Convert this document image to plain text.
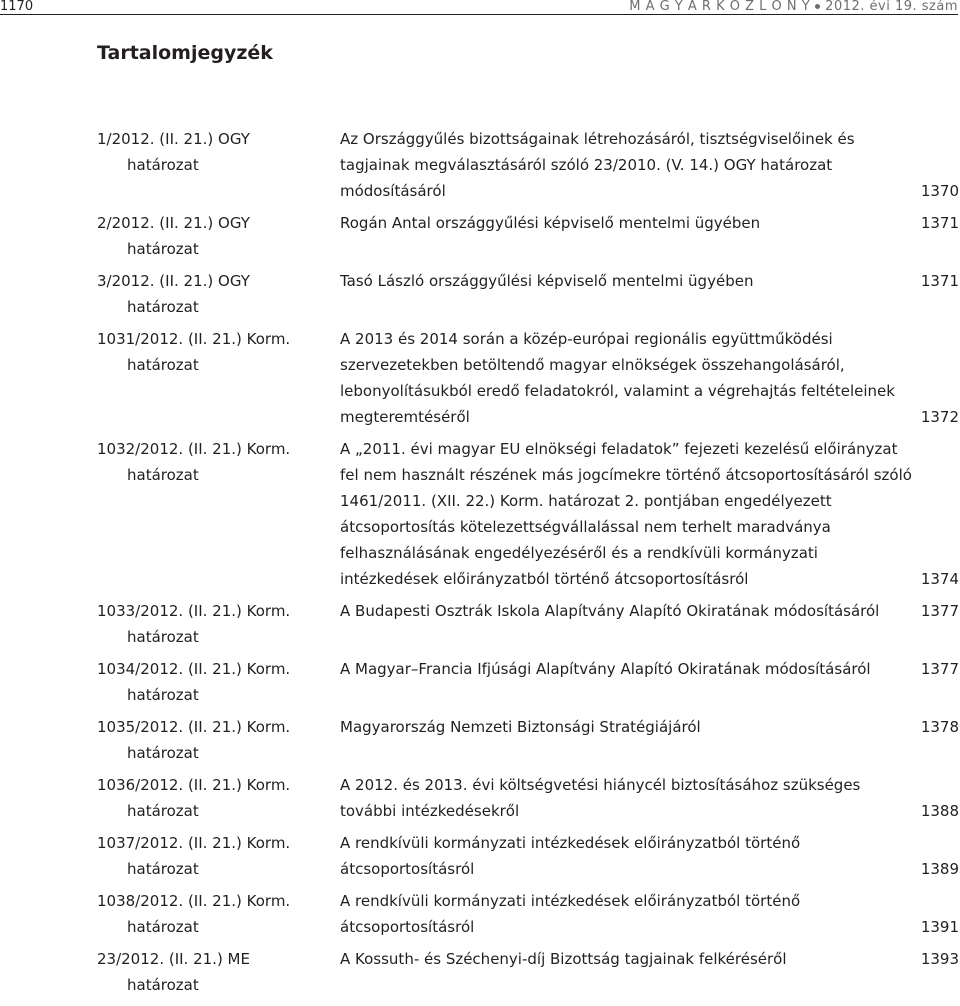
1170	M A G Y A R K Ö Z L Ö N Y 2012. évi 19. szám
Tartalomjegyzék
1/2012. (II. 21.) OGY
határozat
Az Országgyűlés bizottságainak létrehozásáról, tisztségviselőinek és tagjainak megválasztásáról szóló 23/2010. (V. 14.) OGY határozat módosításáról	1370
2/2012. (II. 21.) OGY
határozat
Rogán Antal országgyűlési képviselő mentelmi ügyében	1371
3/2012. (II. 21.) OGY
határozat
Tasó László országgyűlési képviselő mentelmi ügyében	1371
1031/2012. (II. 21.) Korm.
határozat
A 2013 és 2014 során a közép-európai regionális együttműködési szervezetekben betöltendő magyar elnökségek összehangolásáról, lebonyolításukból eredő feladatokról, valamint a végrehajtás feltételeinek megteremtéséről	1372
1032/2012. (II. 21.) Korm.
határozat
A „2011. évi magyar EU elnökségi feladatok” fejezeti kezelésű előirányzat fel nem használt részének más jogcímekre történő átcsoportosításáról szóló 1461/2011. (XII. 22.) Korm. határozat 2. pontjában engedélyezett átcsoportosítás kötelezettségvállalással nem terhelt maradványa felhasználásának engedélyezéséről és a rendkívüli kormányzati intézkedések előirányzatból történő átcsoportosításról	1374
1033/2012. (II. 21.) Korm.
határozat
A Budapesti Osztrák Iskola Alapítvány Alapító Okiratának módosításáról	1377
1034/2012. (II. 21.) Korm.
határozat
A Magyar–Francia Ifjúsági Alapítvány Alapító Okiratának módosításáról	1377
1035/2012. (II. 21.) Korm.
határozat
Magyarország Nemzeti Biztonsági Stratégiájáról	1378
1036/2012. (II. 21.) Korm.
határozat
A 2012. és 2013. évi költségvetési hiánycél biztosításához szükséges további intézkedésekről	1388
1037/2012. (II. 21.) Korm.
határozat
A rendkívüli kormányzati intézkedések előirányzatból történő átcsoportosításról	1389
1038/2012. (II. 21.) Korm.
határozat
A rendkívüli kormányzati intézkedések előirányzatból történő átcsoportosításról	1391
23/2012. (II. 21.) ME
határozat
A Kossuth- és Széchenyi-díj Bizottság tagjainak felkéréséről	1393
